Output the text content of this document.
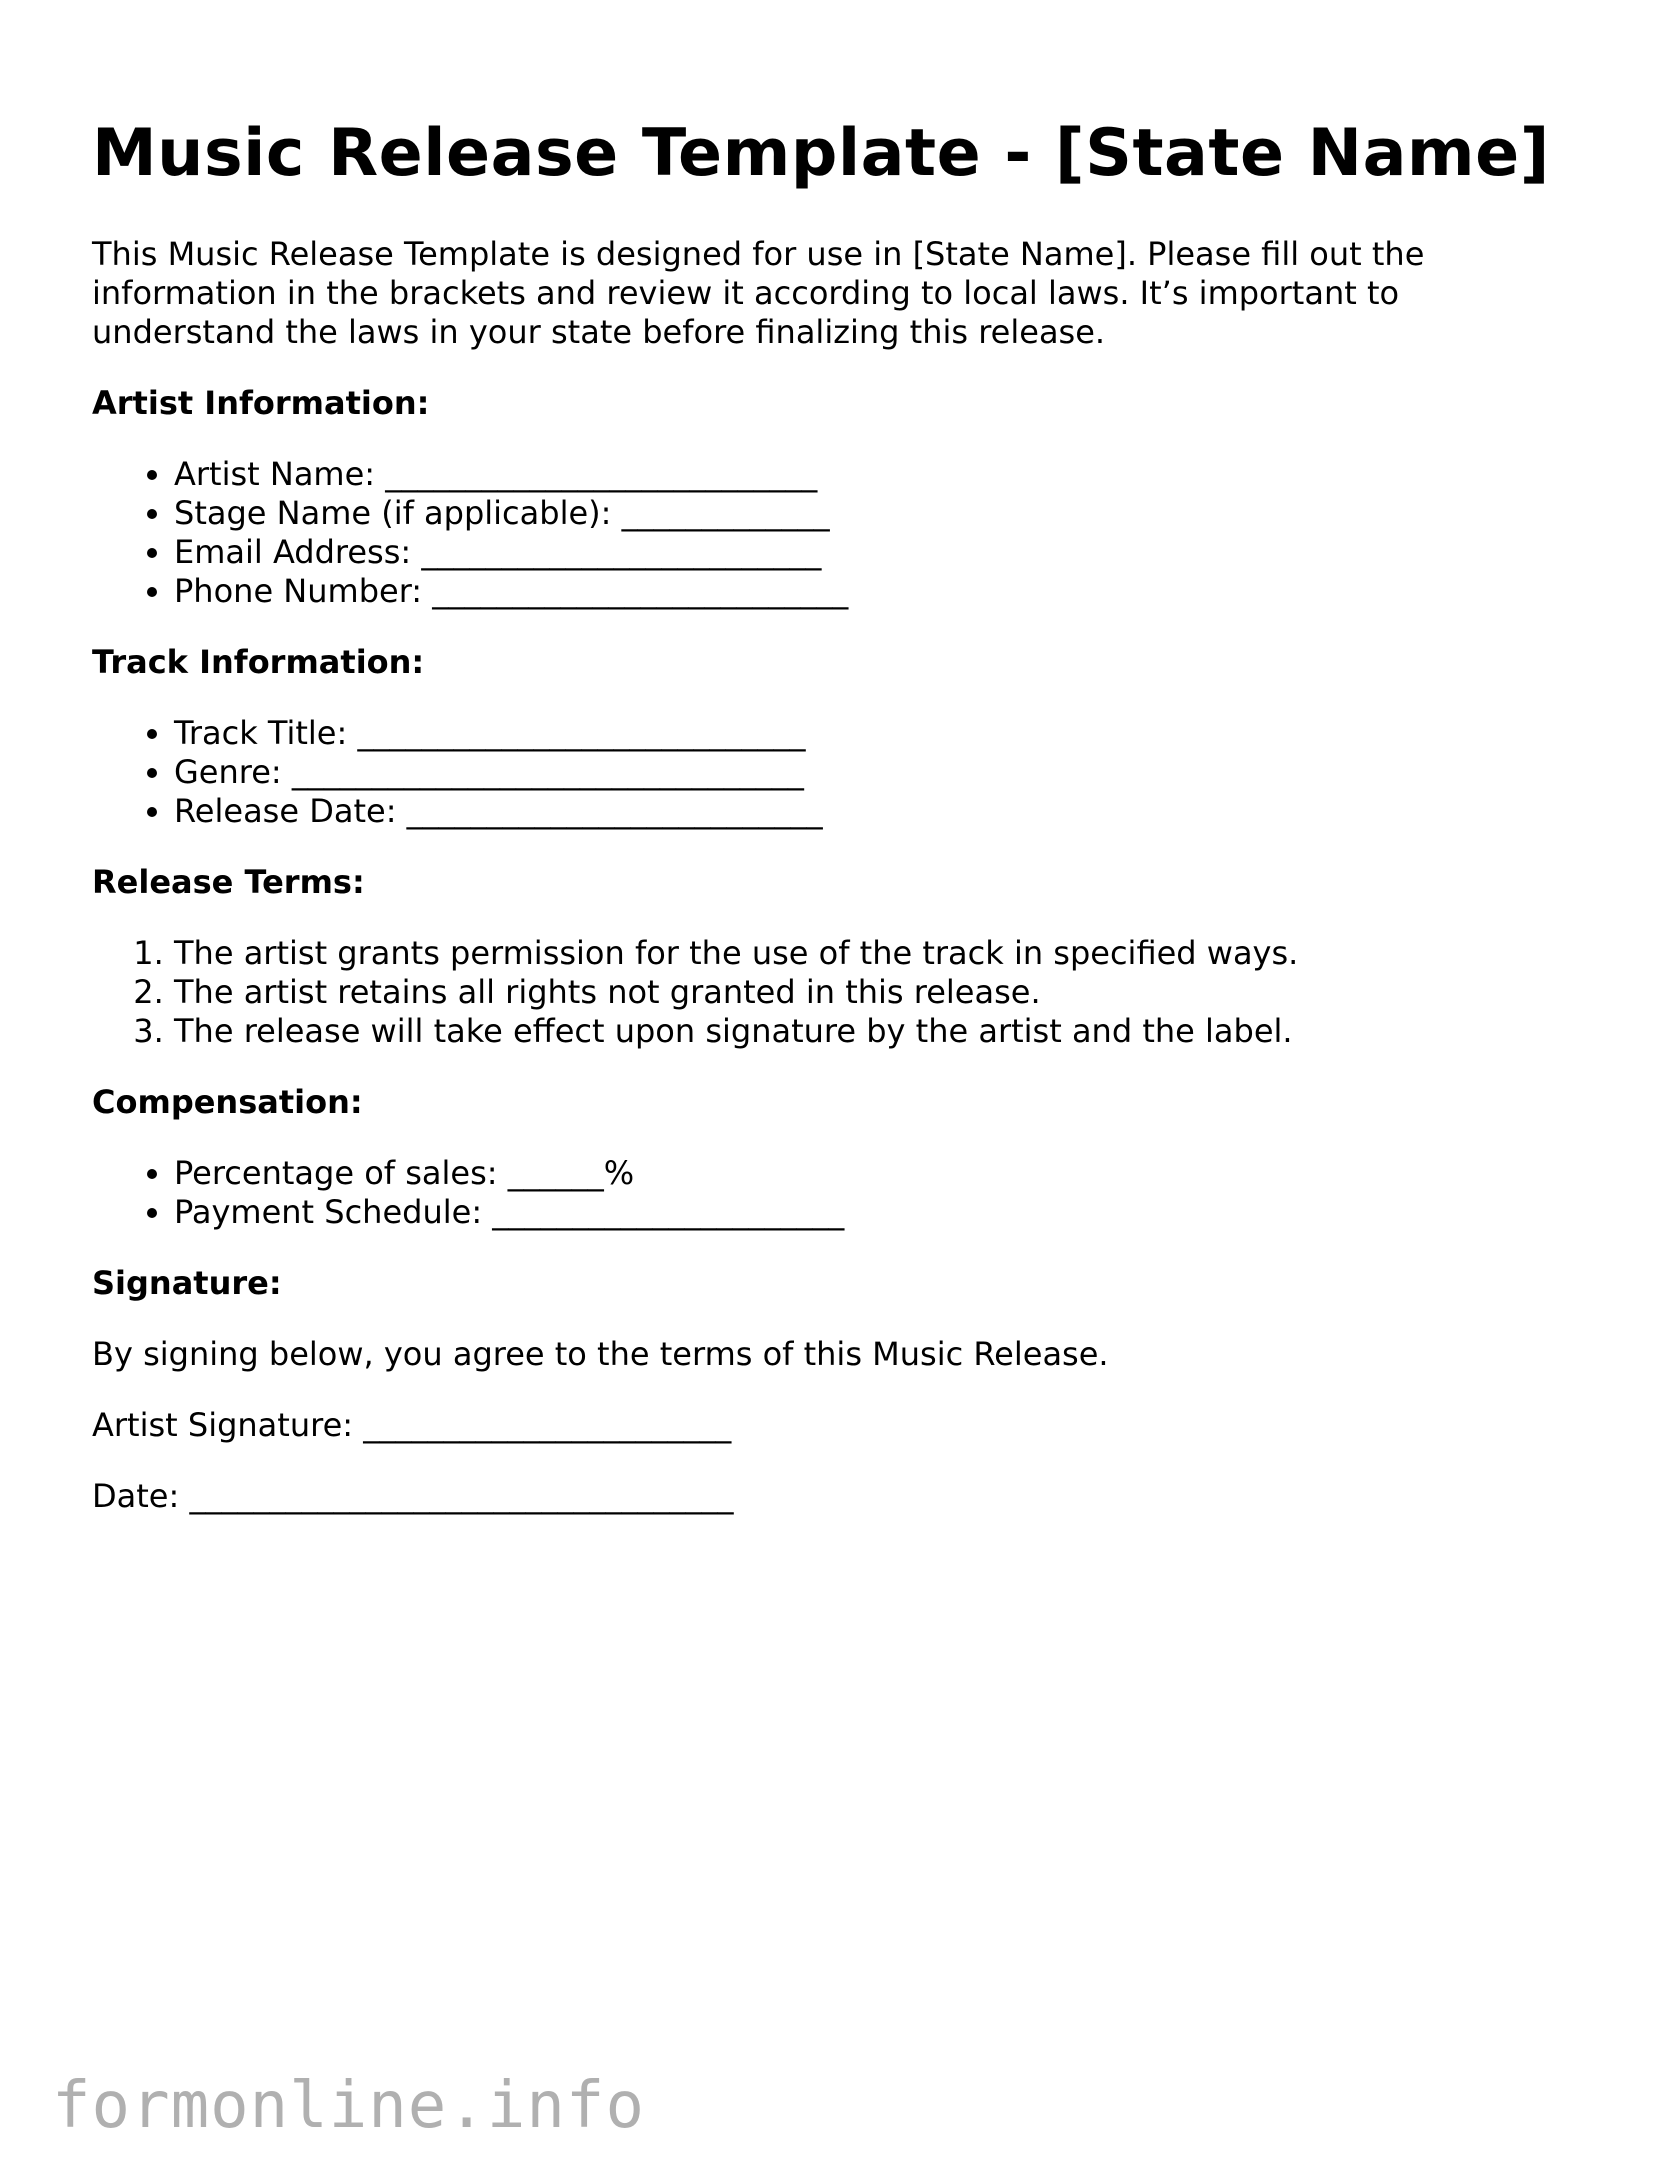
Music Release Template - [State Name]

This Music Release Template is designed for use in [State Name]. Please fill out the information in the brackets and review it according to local laws. It’s important to understand the laws in your state before finalizing this release.

Artist Information:
• Artist Name: ___________________________
• Stage Name (if applicable): _____________
• Email Address: _________________________
• Phone Number: __________________________
Track Information:
• Track Title: ____________________________
• Genre: ________________________________
• Release Date: __________________________
Release Terms:
1. The artist grants permission for the use of the track in specified ways.
2. The artist retains all rights not granted in this release.
3. The release will take effect upon signature by the artist and the label.
Compensation:
• Percentage of sales: ______%
• Payment Schedule: ______________________
Signature:

By signing below, you agree to the terms of this Music Release.

Artist Signature: _______________________

Date: __________________________________

formonline.info
